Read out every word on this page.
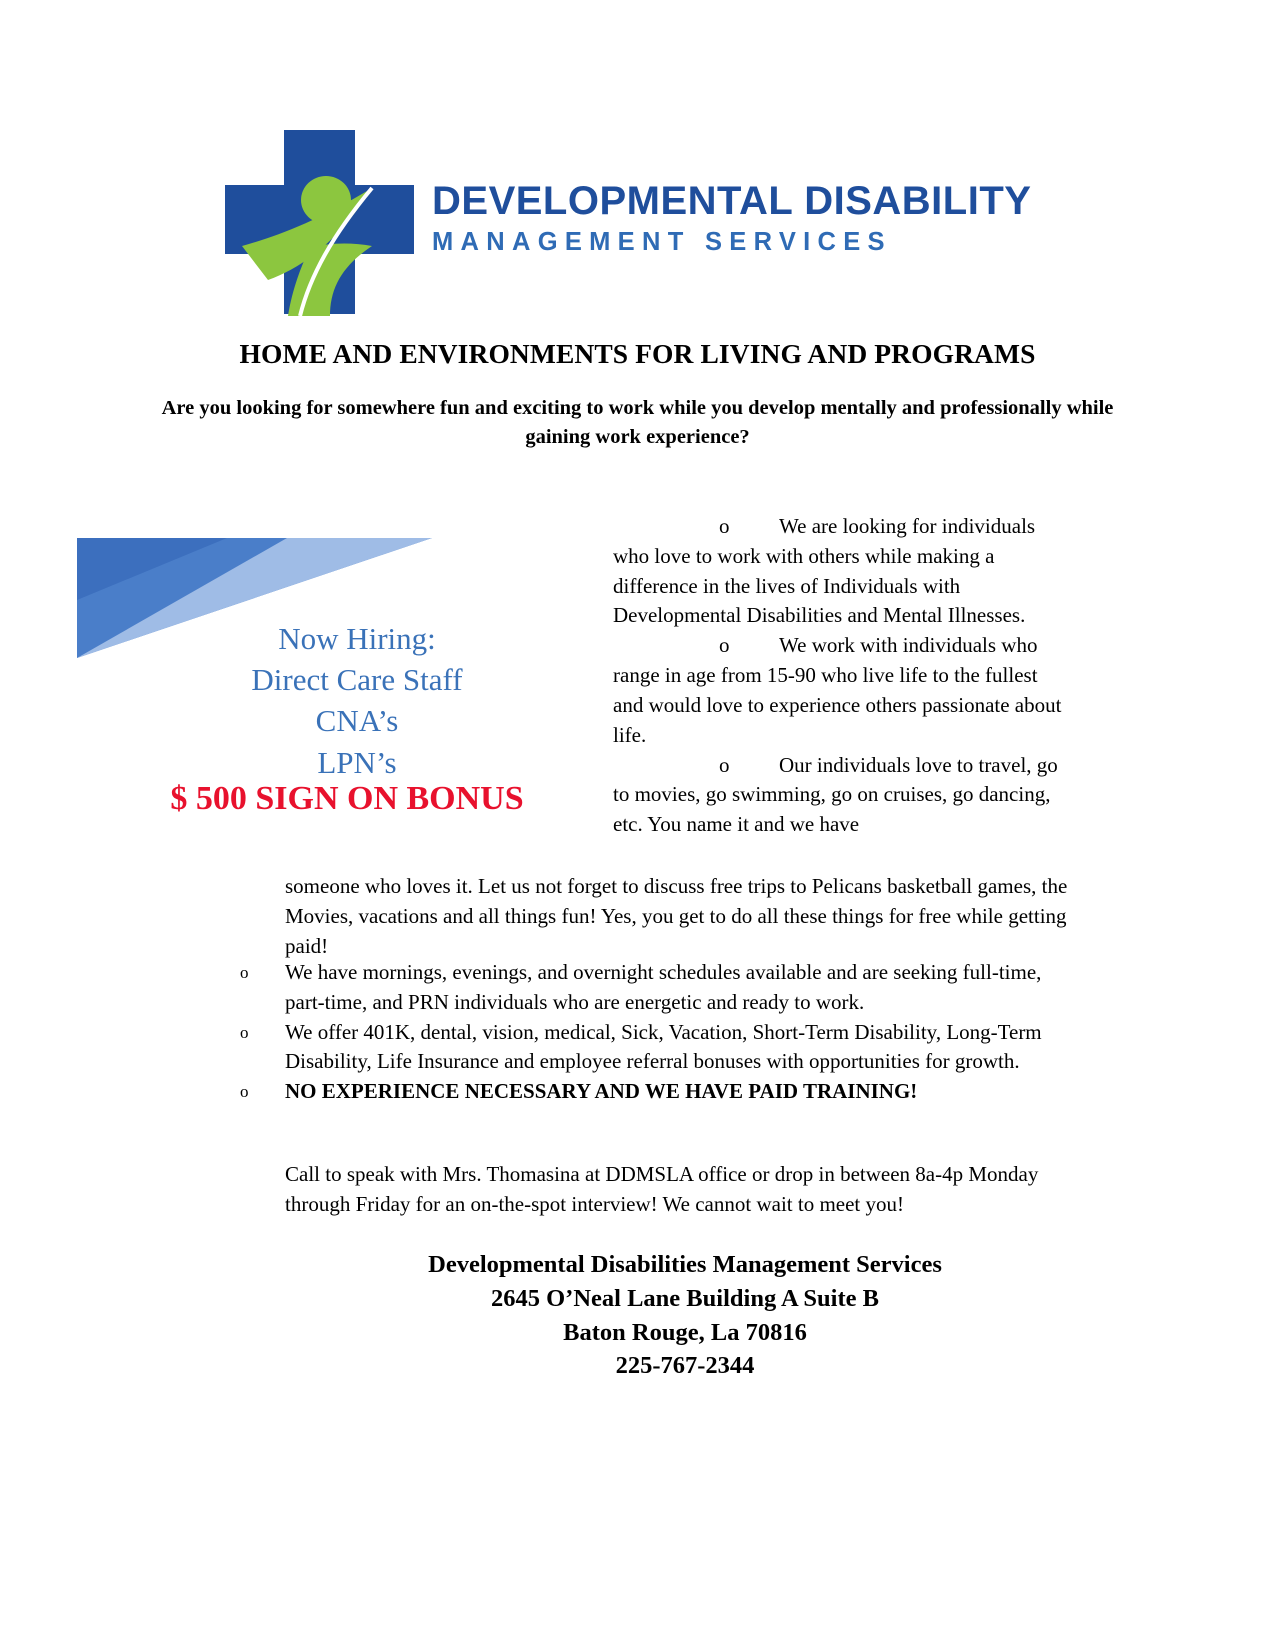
DEVELOPMENTAL DISABILITY
MANAGEMENT SERVICES
HOME AND ENVIRONMENTS FOR LIVING AND PROGRAMS
Are you looking for somewhere fun and exciting to work while you develop mentally and professionally while gaining work experience?
Now Hiring:
Direct Care Staff
CNA’s
LPN’s
$ 500 SIGN ON BONUS

o We are looking for individuals who love to work with others while making a difference in the lives of Individuals with Developmental Disabilities and Mental Illnesses.

o We work with individuals who range in age from 15-90 who live life to the fullest and would love to experience others passionate about life.

o Our individuals love to travel, go to movies, go swimming, go on cruises, go dancing, etc. You name it and we have

someone who loves it. Let us not forget to discuss free trips to Pelicans basketball games, the Movies, vacations and all things fun! Yes, you get to do all these things for free while getting paid!

o	We have mornings, evenings, and overnight schedules available and are seeking full-time, part-time, and PRN individuals who are energetic and ready to work.
o	We offer 401K, dental, vision, medical, Sick, Vacation, Short-Term Disability, Long-Term Disability, Life Insurance and employee referral bonuses with opportunities for growth.
o	NO EXPERIENCE NECESSARY AND WE HAVE PAID TRAINING!

Call to speak with Mrs. Thomasina at DDMSLA office or drop in between 8a-4p Monday through Friday for an on-the-spot interview! We cannot wait to meet you!

Developmental Disabilities Management Services
2645 O’Neal Lane Building A Suite B
Baton Rouge, La 70816
225-767-2344
